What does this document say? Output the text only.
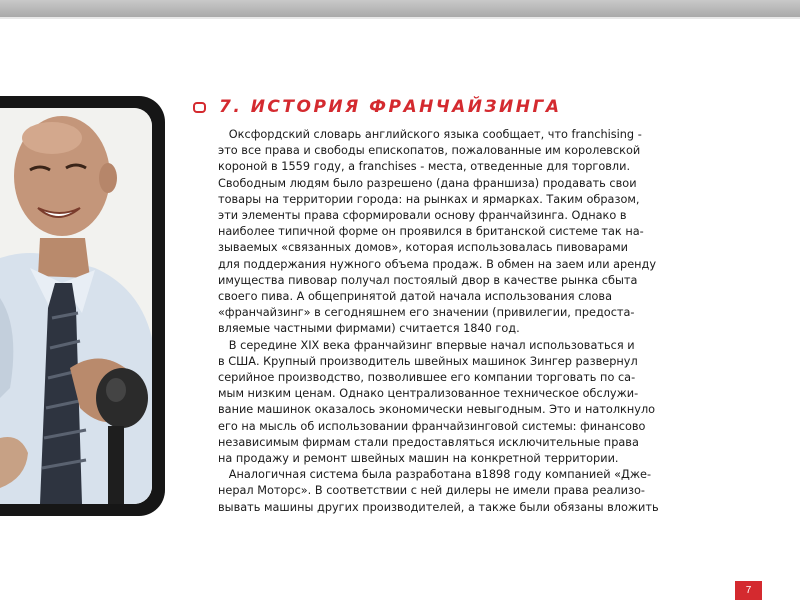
7. ИСТОРИЯ ФРАНЧАЙЗИНГА
Оксфордский словарь английского языка сообщает, что franchising -
это все права и свободы епископатов, пожалованные им королевской
короной в 1559 году, а franchises - места, отведенные для торговли.
Свободным людям было разрешено (дана франшиза) продавать свои
товары на территории города: на рынках и ярмарках. Таким образом,
эти элементы права сформировали основу франчайзинга. Однако в
наиболее типичной форме он проявился в британской системе так на-
зываемых «связанных домов», которая использовалась пивоварами
для поддержания нужного объема продаж. В обмен на заем или аренду
имущества пивовар получал постоялый двор в качестве рынка сбыта
своего пива. А общепринятой датой начала использования слова
«франчайзинг» в сегодняшнем его значении (привилегии, предоста-
вляемые частными фирмами) считается 1840 год.
В середине XIX века франчайзинг впервые начал использоваться и
в США. Крупный производитель швейных машинок Зингер развернул
серийное производство, позволившее его компании торговать по са-
мым низким ценам. Однако централизованное техническое обслужи-
вание машинок оказалось экономически невыгодным. Это и натолкнуло
его на мысль об использовании франчайзинговой системы: финансово
независимым фирмам стали предоставляться исключительные права
на продажу и ремонт швейных машин на конкретной территории.
Аналогичная система была разработана в1898 году компанией «Дже-
нерал Моторс». В соответствии с ней дилеры не имели права реализо-
вывать машины других производителей, а также были обязаны вложить
7
